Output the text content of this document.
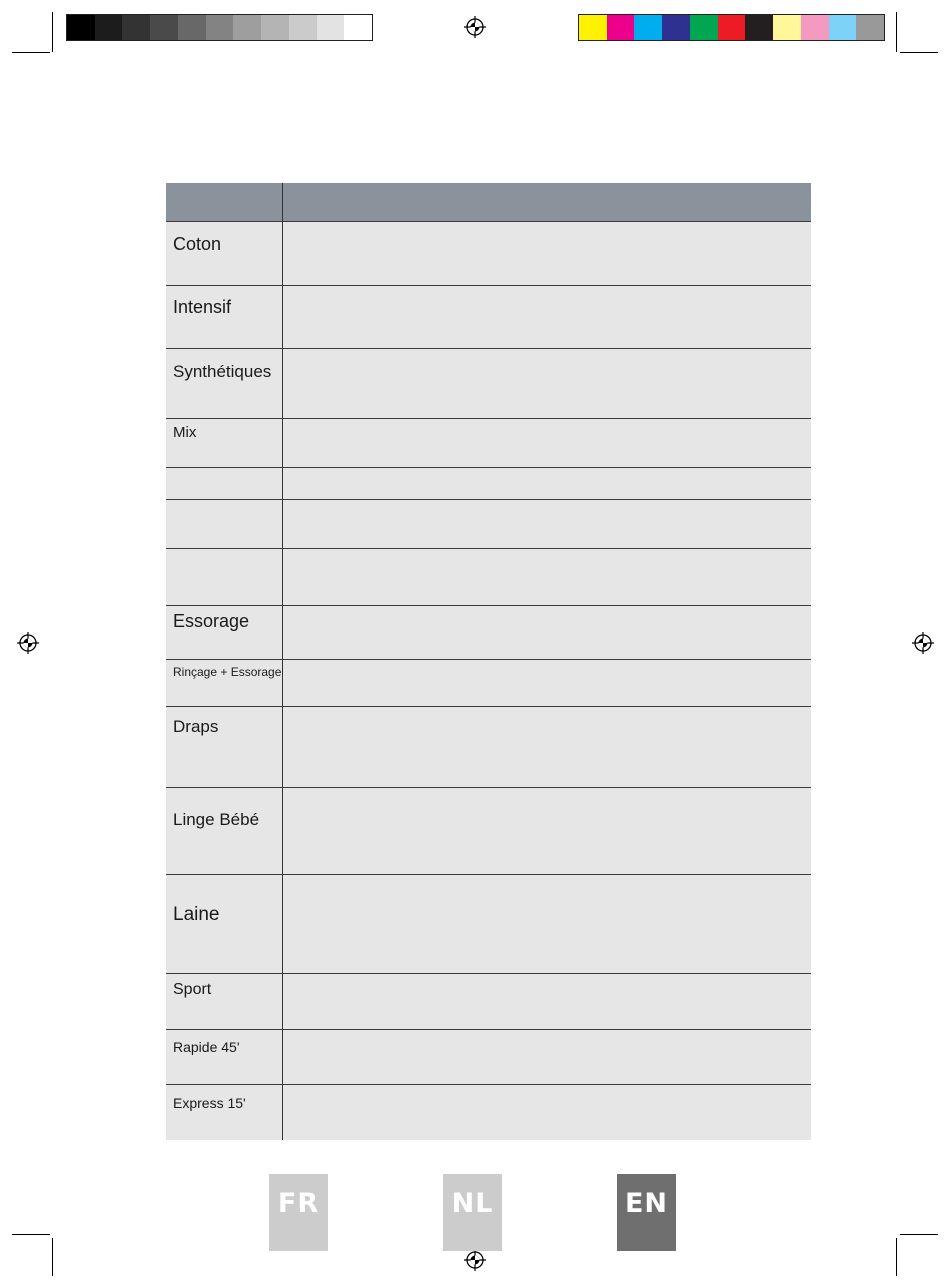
Coton
Intensif
Synthétiques
Mix
Essorage
Rinçage + Essorage
Draps
Linge Bébé
Laine
Sport
Rapide 45'
Express 15'
FR	NL	EN
